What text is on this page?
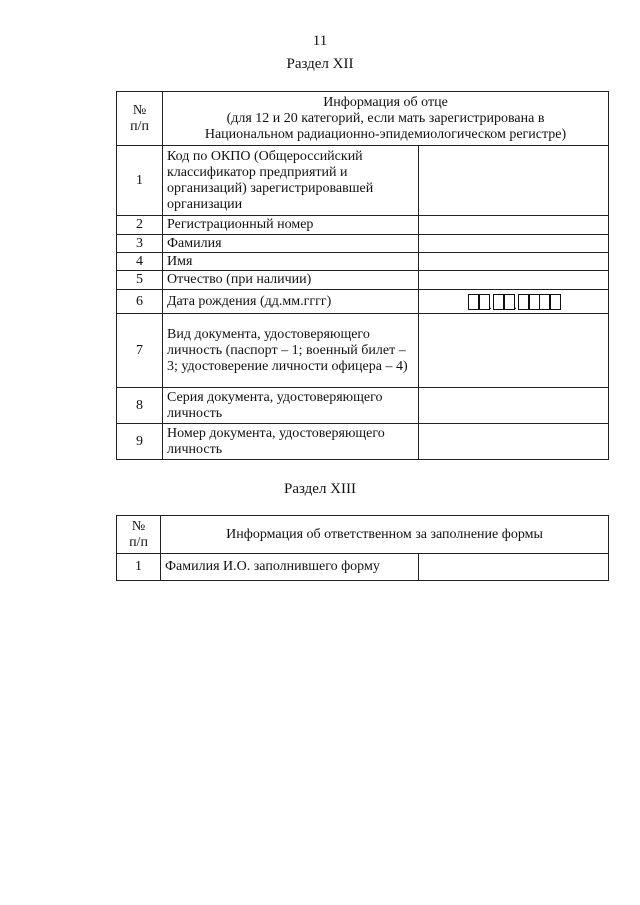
11
Раздел XII
№
п/п	Информация об отце
(для 12 и 20 категорий, если мать зарегистрирована в
Национальном радиационно-эпидемиологическом регистре)	
1	Код по ОКПО (Общероссийский классификатор предприятий и организаций) зарегистрировавшей организации	
2	Регистрационный номер	
3	Фамилия	
4	Имя	
5	Отчество (при наличии)	
6	Дата рождения (дд.мм.гггг)	. .

7	Вид документа, удостоверяющего личность (паспорт – 1; военный билет – 3; удостоверение личности офицера – 4)	
8	Серия документа, удостоверяющего личность	
9	Номер документа, удостоверяющего личность	
Раздел XIII
№
п/п	Информация об ответственном за заполнение формы	
1	Фамилия И.О. заполнившего форму	
